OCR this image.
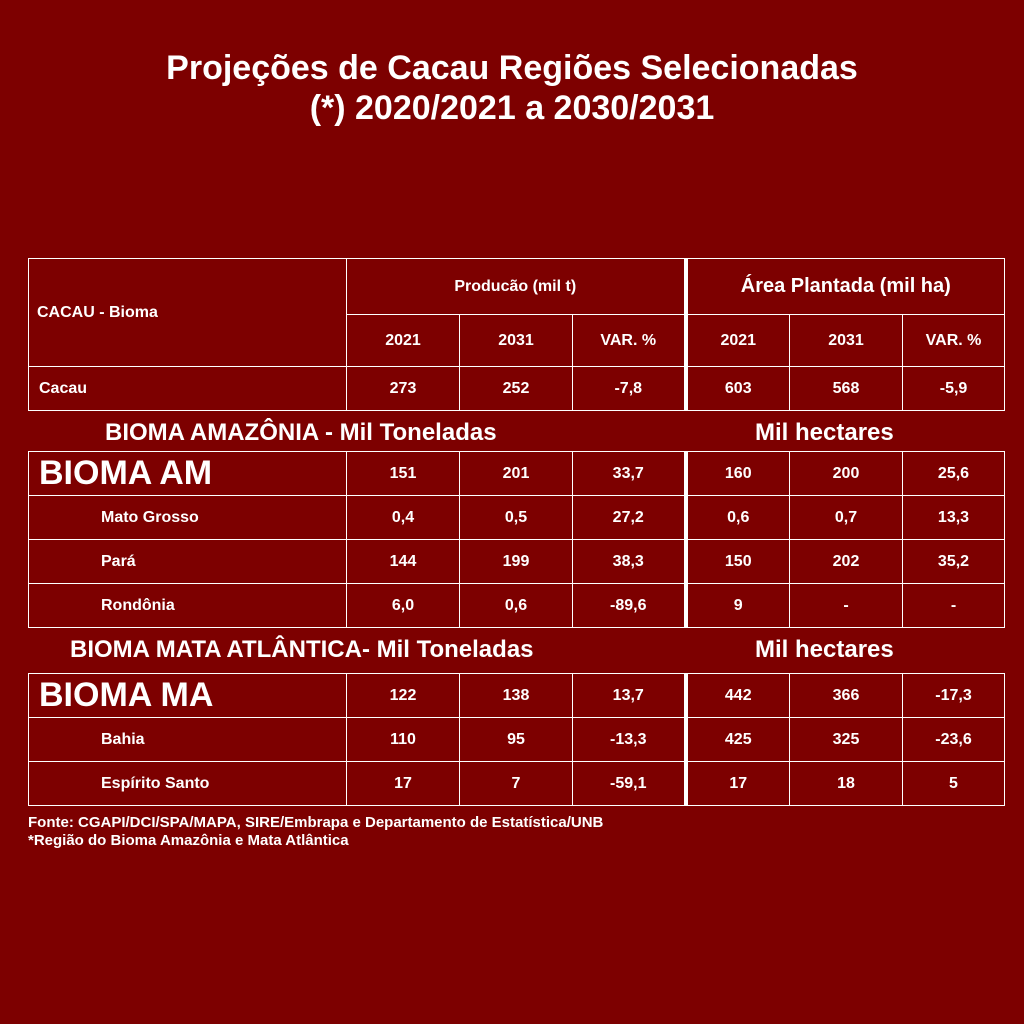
Projeções de Cacau Regiões Selecionadas
(*) 2020/2021 a 2030/2031
CACAU - Bioma	Producão (mil t)			Área Plantada (mil ha)		
	2021	2031	VAR. %	2021	2031	VAR. %
Cacau	273	252	-7,8	603	568	-5,9
BIOMA AMAZÔNIA - Mil Toneladas	Mil hectares
BIOMA AM	151	201	33,7	160	200	25,6
Mato Grosso	0,4	0,5	27,2	0,6	0,7	13,3
Pará	144	199	38,3	150	202	35,2
Rondônia	6,0	0,6	-89,6	9	-	-
BIOMA MATA ATLÂNTICA- Mil Toneladas	Mil hectares
BIOMA MA	122	138	13,7	442	366	-17,3
Bahia	110	95	-13,3	425	325	-23,6
Espírito Santo	17	7	-59,1	17	18	5
Fonte: CGAPI/DCI/SPA/MAPA, SIRE/Embrapa e Departamento de Estatística/UNB
*Região do Bioma Amazônia e Mata Atlântica
